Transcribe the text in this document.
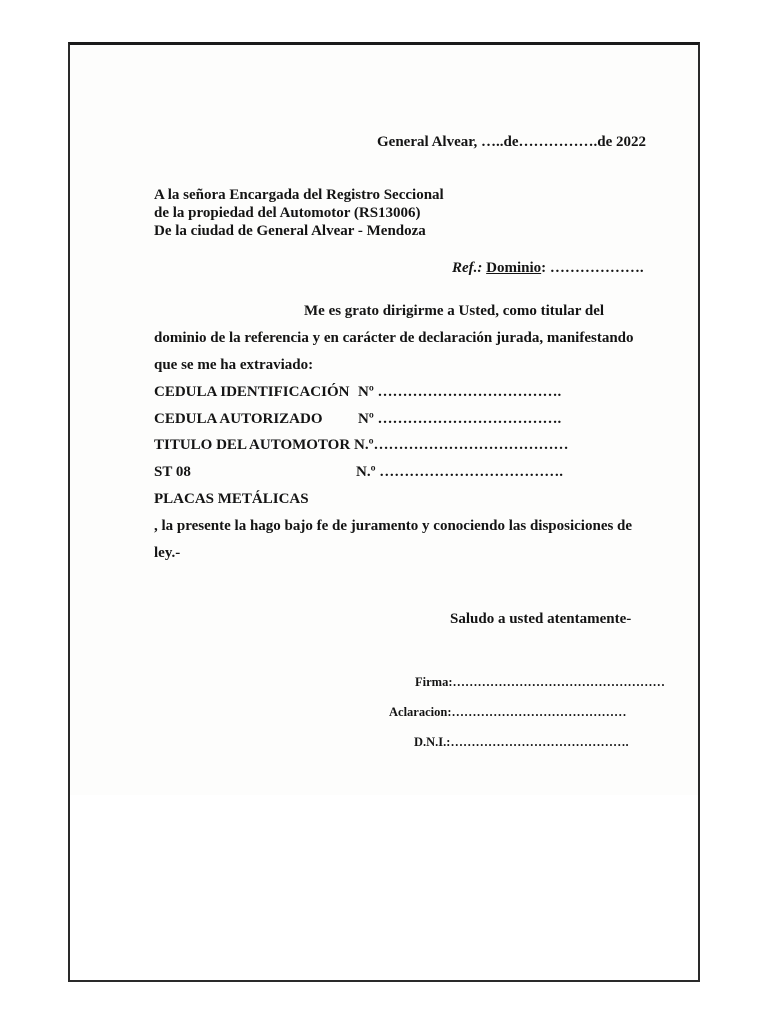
General Alvear, …..de…………….de 2022
A la señora Encargada del Registro Seccional
de la propiedad del Automotor (RS13006)
De la ciudad de General Alvear - Mendoza
Ref.: Dominio: ……………….
Me es grato dirigirme a Usted, como titular del
dominio de la referencia y en carácter de declaración jurada, manifestando
que se me ha extraviado:
CEDULA IDENTIFICACIÓN Nº ……………………………….
CEDULA AUTORIZADO Nº ……………………………….
TITULO DEL AUTOMOTOR N.º…………………………………
ST 08	N.º ……………………………….
PLACAS METÁLICAS
, la presente la hago bajo fe de juramento y conociendo las disposiciones de
ley.-
Saludo a usted atentamente-
Firma:……………………………………………
Aclaracion:……………………………………
D.N.I.:…………………………………….
